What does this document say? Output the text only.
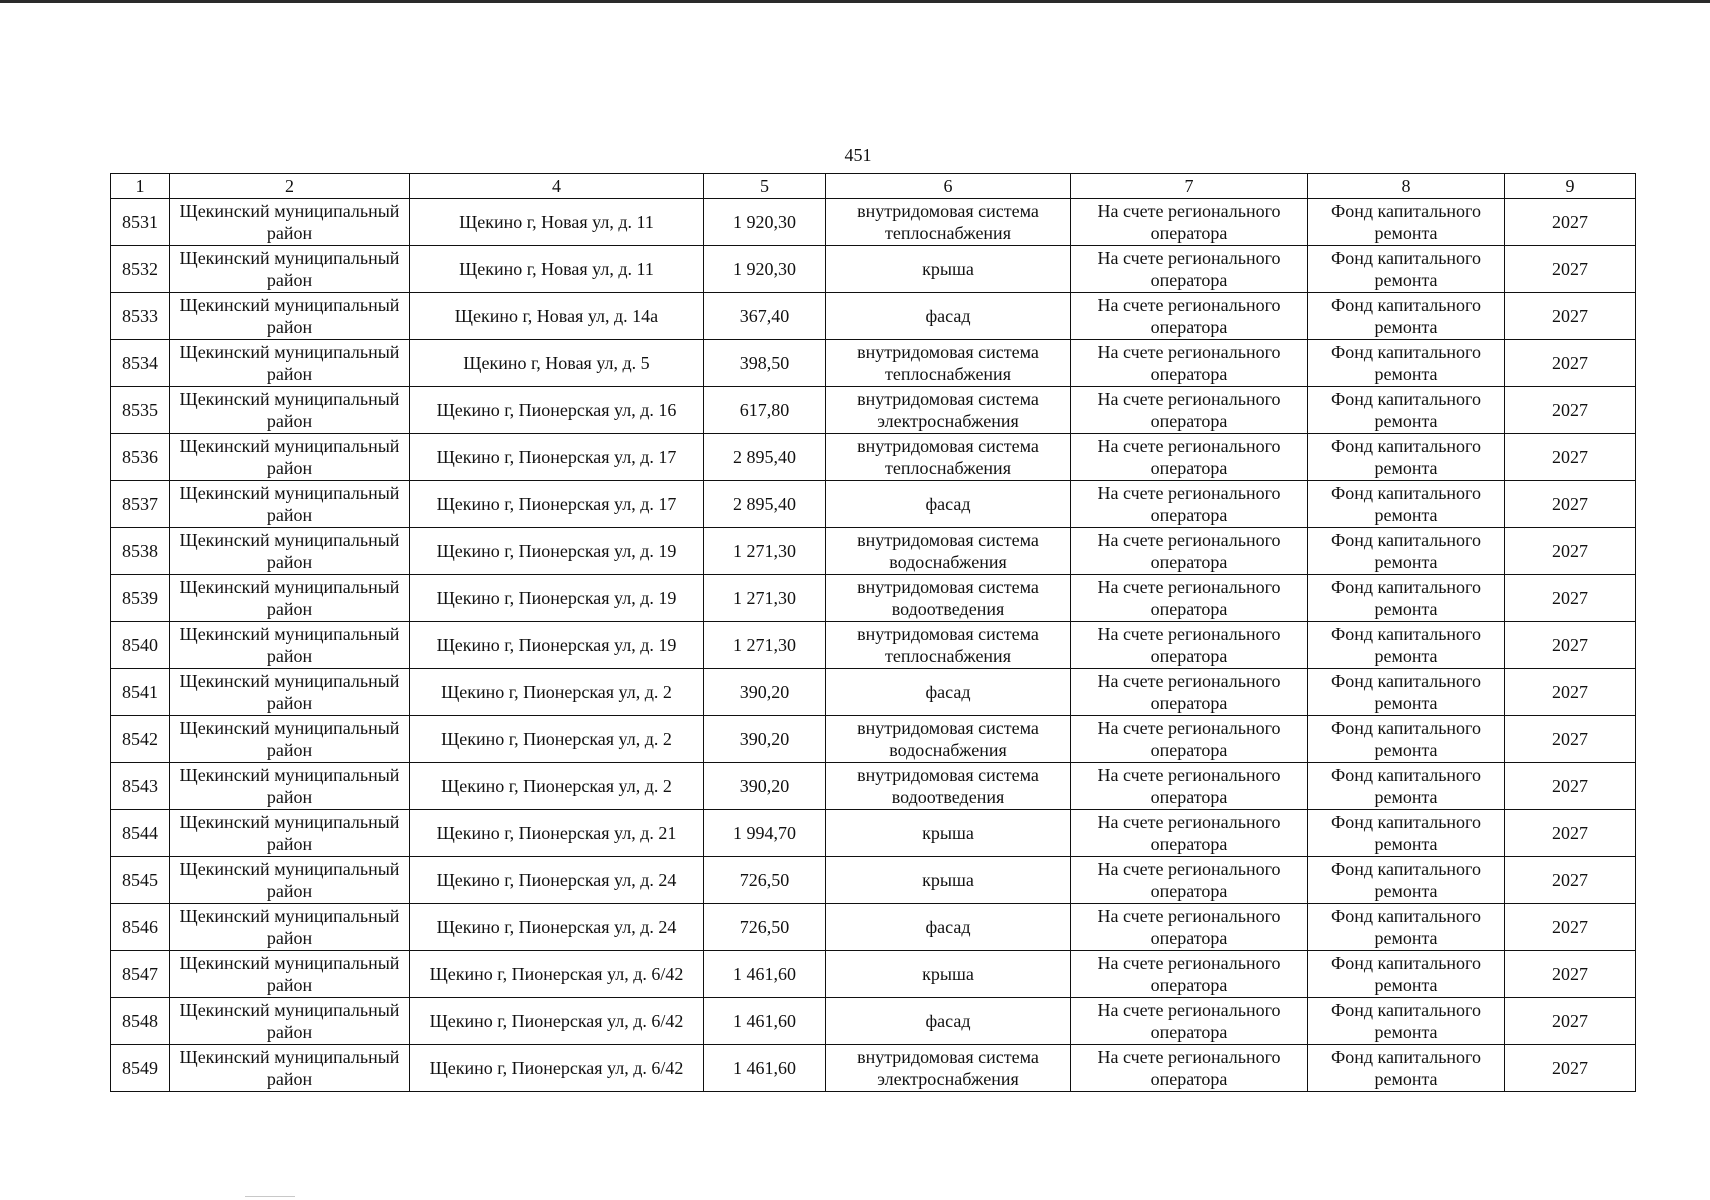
451
1	2	4	5	6	7	8	9
8531	Щекинский муниципальный район	Щекино г, Новая ул, д. 11	1 920,30	внутридомовая система теплоснабжения	На счете регионального оператора	Фонд капитального ремонта	2027
8532	Щекинский муниципальный район	Щекино г, Новая ул, д. 11	1 920,30	крыша	На счете регионального оператора	Фонд капитального ремонта	2027
8533	Щекинский муниципальный район	Щекино г, Новая ул, д. 14а	367,40	фасад	На счете регионального оператора	Фонд капитального ремонта	2027
8534	Щекинский муниципальный район	Щекино г, Новая ул, д. 5	398,50	внутридомовая система теплоснабжения	На счете регионального оператора	Фонд капитального ремонта	2027
8535	Щекинский муниципальный район	Щекино г, Пионерская ул, д. 16	617,80	внутридомовая система электроснабжения	На счете регионального оператора	Фонд капитального ремонта	2027
8536	Щекинский муниципальный район	Щекино г, Пионерская ул, д. 17	2 895,40	внутридомовая система теплоснабжения	На счете регионального оператора	Фонд капитального ремонта	2027
8537	Щекинский муниципальный район	Щекино г, Пионерская ул, д. 17	2 895,40	фасад	На счете регионального оператора	Фонд капитального ремонта	2027
8538	Щекинский муниципальный район	Щекино г, Пионерская ул, д. 19	1 271,30	внутридомовая система водоснабжения	На счете регионального оператора	Фонд капитального ремонта	2027
8539	Щекинский муниципальный район	Щекино г, Пионерская ул, д. 19	1 271,30	внутридомовая система водоотведения	На счете регионального оператора	Фонд капитального ремонта	2027
8540	Щекинский муниципальный район	Щекино г, Пионерская ул, д. 19	1 271,30	внутридомовая система теплоснабжения	На счете регионального оператора	Фонд капитального ремонта	2027
8541	Щекинский муниципальный район	Щекино г, Пионерская ул, д. 2	390,20	фасад	На счете регионального оператора	Фонд капитального ремонта	2027
8542	Щекинский муниципальный район	Щекино г, Пионерская ул, д. 2	390,20	внутридомовая система водоснабжения	На счете регионального оператора	Фонд капитального ремонта	2027
8543	Щекинский муниципальный район	Щекино г, Пионерская ул, д. 2	390,20	внутридомовая система водоотведения	На счете регионального оператора	Фонд капитального ремонта	2027
8544	Щекинский муниципальный район	Щекино г, Пионерская ул, д. 21	1 994,70	крыша	На счете регионального оператора	Фонд капитального ремонта	2027
8545	Щекинский муниципальный район	Щекино г, Пионерская ул, д. 24	726,50	крыша	На счете регионального оператора	Фонд капитального ремонта	2027
8546	Щекинский муниципальный район	Щекино г, Пионерская ул, д. 24	726,50	фасад	На счете регионального оператора	Фонд капитального ремонта	2027
8547	Щекинский муниципальный район	Щекино г, Пионерская ул, д. 6/42	1 461,60	крыша	На счете регионального оператора	Фонд капитального ремонта	2027
8548	Щекинский муниципальный район	Щекино г, Пионерская ул, д. 6/42	1 461,60	фасад	На счете регионального оператора	Фонд капитального ремонта	2027
8549	Щекинский муниципальный район	Щекино г, Пионерская ул, д. 6/42	1 461,60	внутридомовая система электроснабжения	На счете регионального оператора	Фонд капитального ремонта	2027
